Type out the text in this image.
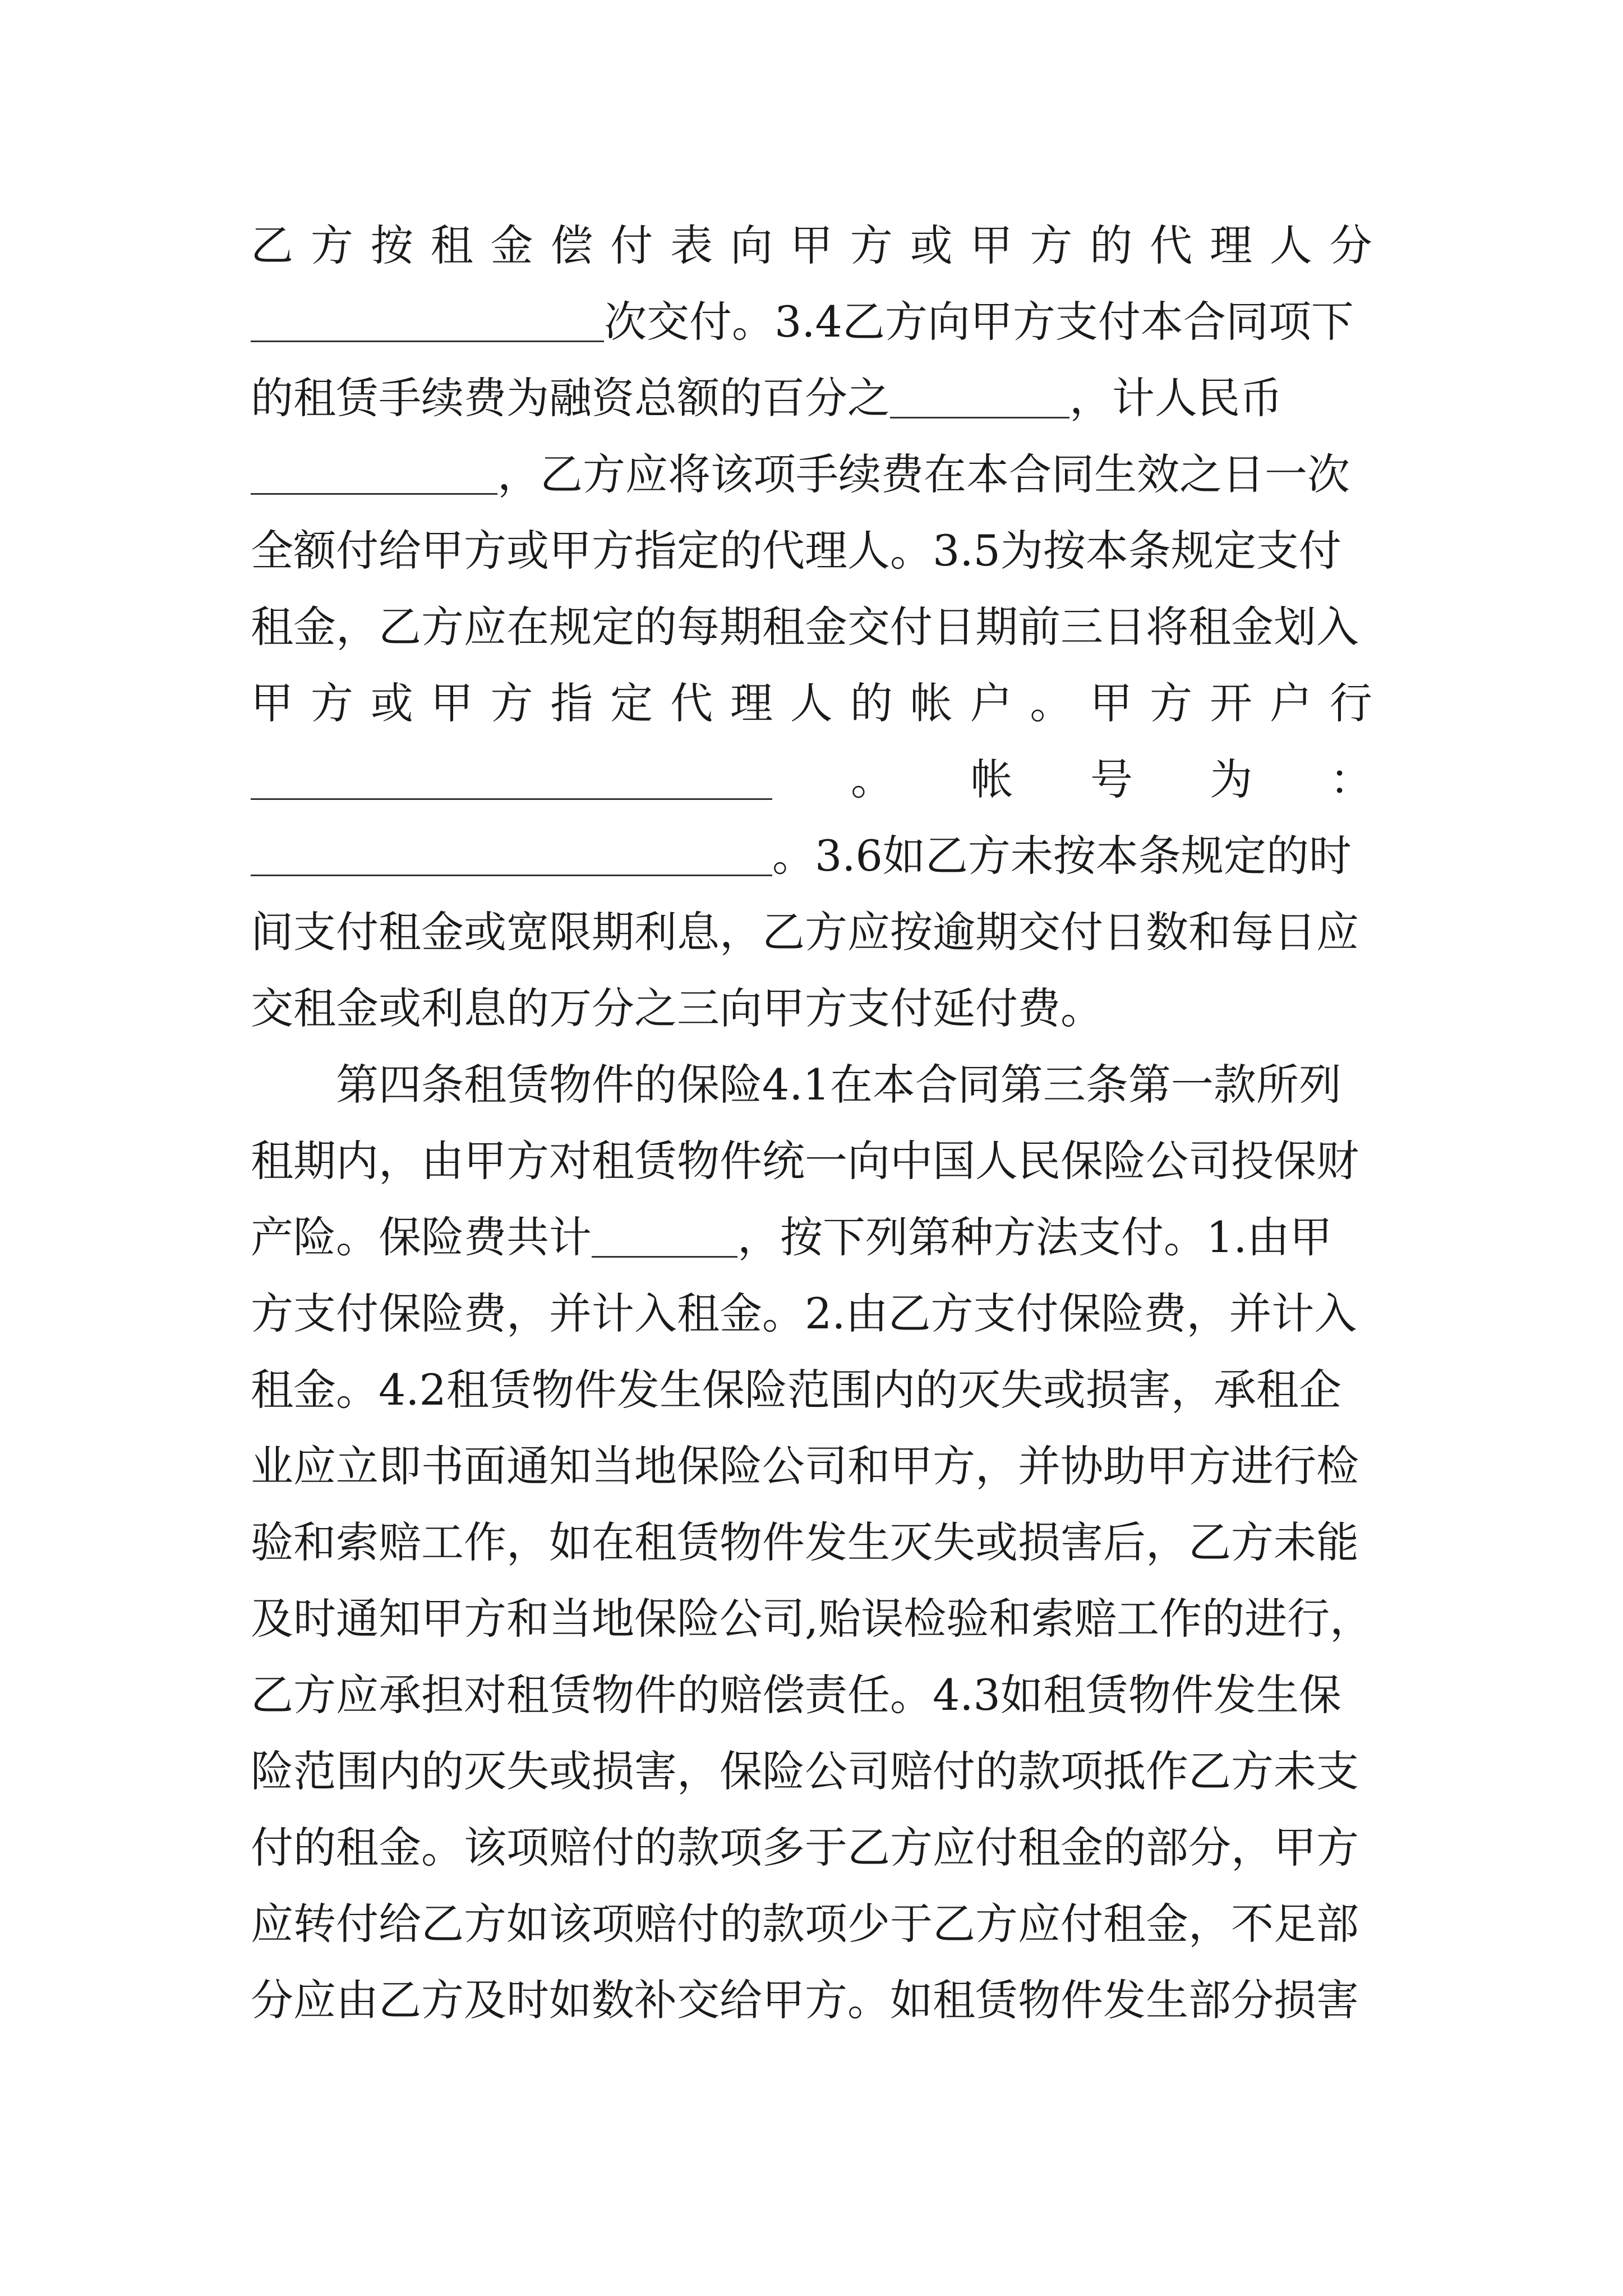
乙 方 按 租 金 偿 付 表 向 甲 方 或 甲 方 的 代 理 人 分
次交付。3.4乙方向甲方支付本合同项下
的租赁手续费为融资总额的百分之	，计人民币
，乙方应将该项手续费在本合同生效之日一次
全额付给甲方或甲方指定的代理人。3.5为按本条规定支付
租金，乙方应在规定的每期租金交付日期前三日将租金划入
甲 方 或 甲 方 指 定 代 理 人 的 帐 户 。 甲 方 开 户 行
。 帐 号 为 ：
。3.6如乙方未按本条规定的时
间支付租金或宽限期利息，乙方应按逾期交付日数和每日应
交租金或利息的万分之三向甲方支付延付费。
第四条租赁物件的保险4.1在本合同第三条第一款所列
租期内，由甲方对租赁物件统一向中国人民保险公司投保财
产险。保险费共计	，按下列第种方法支付。1.由甲
方支付保险费，并计入租金。2.由乙方支付保险费，并计入
租金。4.2租赁物件发生保险范围内的灭失或损害，承租企
业应立即书面通知当地保险公司和甲方，并协助甲方进行检
验和索赔工作，如在租赁物件发生灭失或损害后，乙方未能
及时通知甲方和当地保险公司,贻误检验和索赔工作的进行，
乙方应承担对租赁物件的赔偿责任。4.3如租赁物件发生保
险范围内的灭失或损害，保险公司赔付的款项抵作乙方未支
付的租金。该项赔付的款项多于乙方应付租金的部分，甲方
应转付给乙方如该项赔付的款项少于乙方应付租金，不足部
分应由乙方及时如数补交给甲方。如租赁物件发生部分损害
